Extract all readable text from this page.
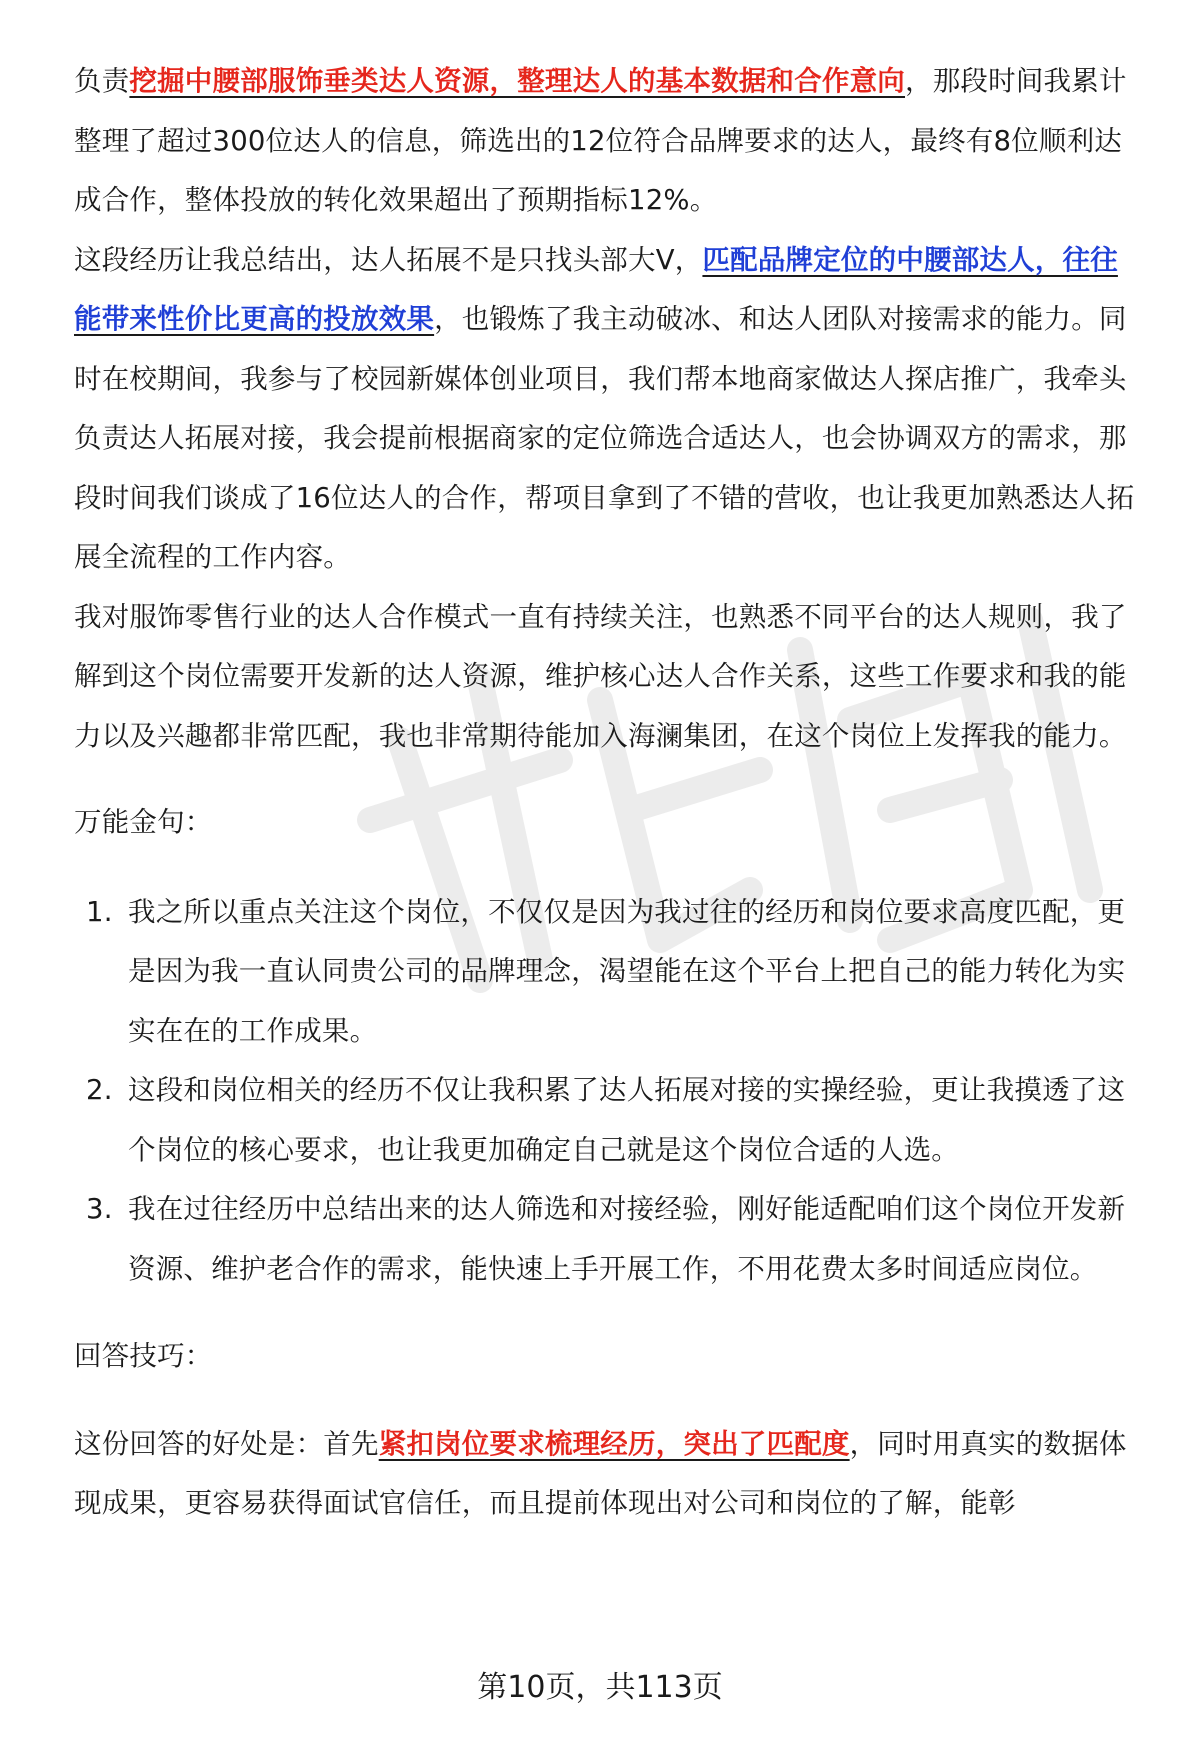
负责挖掘中腰部服饰垂类达人资源，整理达人的基本数据和合作意向，那段时间我累计整理了超过300位达人的信息，筛选出的12位符合品牌要求的达人，最终有8位顺利达成合作，整体投放的转化效果超出了预期指标12%。

这段经历让我总结出，达人拓展不是只找头部大V，匹配品牌定位的中腰部达人，往往能带来性价比更高的投放效果，也锻炼了我主动破冰、和达人团队对接需求的能力。同时在校期间，我参与了校园新媒体创业项目，我们帮本地商家做达人探店推广，我牵头负责达人拓展对接，我会提前根据商家的定位筛选合适达人，也会协调双方的需求，那段时间我们谈成了16位达人的合作，帮项目拿到了不错的营收，也让我更加熟悉达人拓展全流程的工作内容。

我对服饰零售行业的达人合作模式一直有持续关注，也熟悉不同平台的达人规则，我了解到这个岗位需要开发新的达人资源，维护核心达人合作关系，这些工作要求和我的能力以及兴趣都非常匹配，我也非常期待能加入海澜集团，在这个岗位上发挥我的能力。

万能金句：

1. 我之所以重点关注这个岗位，不仅仅是因为我过往的经历和岗位要求高度匹配，更是因为我一直认同贵公司的品牌理念，渴望能在这个平台上把自己的能力转化为实实在在的工作成果。
2. 这段和岗位相关的经历不仅让我积累了达人拓展对接的实操经验，更让我摸透了这个岗位的核心要求，也让我更加确定自己就是这个岗位合适的人选。
3. 我在过往经历中总结出来的达人筛选和对接经验，刚好能适配咱们这个岗位开发新资源、维护老合作的需求，能快速上手开展工作，不用花费太多时间适应岗位。

回答技巧：

这份回答的好处是：首先紧扣岗位要求梳理经历，突出了匹配度，同时用真实的数据体现成果，更容易获得面试官信任，而且提前体现出对公司和岗位的了解，能彰

第10页，共113页
